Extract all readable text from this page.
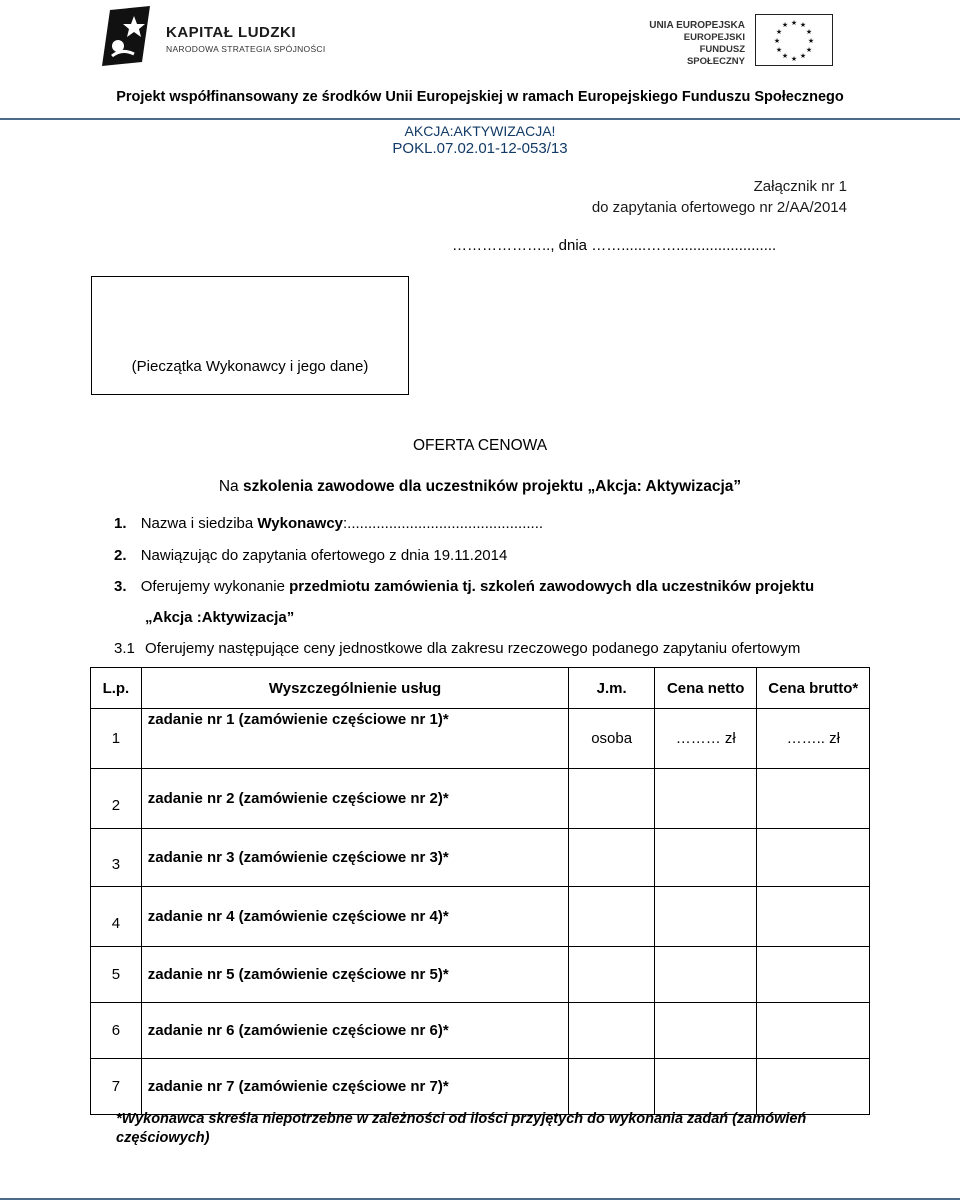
KAPITAŁ LUDZKI
NARODOWA STRATEGIA SPÓJNOŚCI
UNIA EUROPEJSKA
EUROPEJSKI
FUNDUSZ SPOŁECZNY
★ ★
★
★
★
★
★
★
★
★
★
★
Projekt współfinansowany ze środków Unii Europejskiej w ramach Europejskiego Funduszu Społecznego
AKCJA:AKTYWIZACJA!
POKL.07.02.01-12-053/13
Załącznik nr 1
do zapytania ofertowego nr 2/AA/2014
……………….., dnia ……......……........................
(Pieczątka Wykonawcy i jego dane)
OFERTA CENOWA
Na szkolenia zawodowe dla uczestników projektu „Akcja: Aktywizacja”
1. Nazwa i siedziba Wykonawcy:...............................................
2. Nawiązując do zapytania ofertowego z dnia 19.11.2014
3. Oferujemy wykonanie przedmiotu zamówienia tj. szkoleń zawodowych dla uczestników projektu
„Akcja :Aktywizacja”
3.1 Oferujemy następujące ceny jednostkowe dla zakresu rzeczowego podanego zapytaniu ofertowym
L.p.	Wyszczególnienie usług	J.m.	Cena netto	Cena brutto*
1	zadanie nr 1 (zamówienie częściowe nr 1)*	osoba	……… zł	…….. zł
2	zadanie nr 2 (zamówienie częściowe nr 2)*			
3	zadanie nr 3 (zamówienie częściowe nr 3)*			
4	zadanie nr 4 (zamówienie częściowe nr 4)*			
5	zadanie nr 5 (zamówienie częściowe nr 5)*			
6	zadanie nr 6 (zamówienie częściowe nr 6)*			
7	zadanie nr 7 (zamówienie częściowe nr 7)*			
*Wykonawca skreśla niepotrzebne w zależności od ilości przyjętych do wykonania zadań (zamówień częściowych)
